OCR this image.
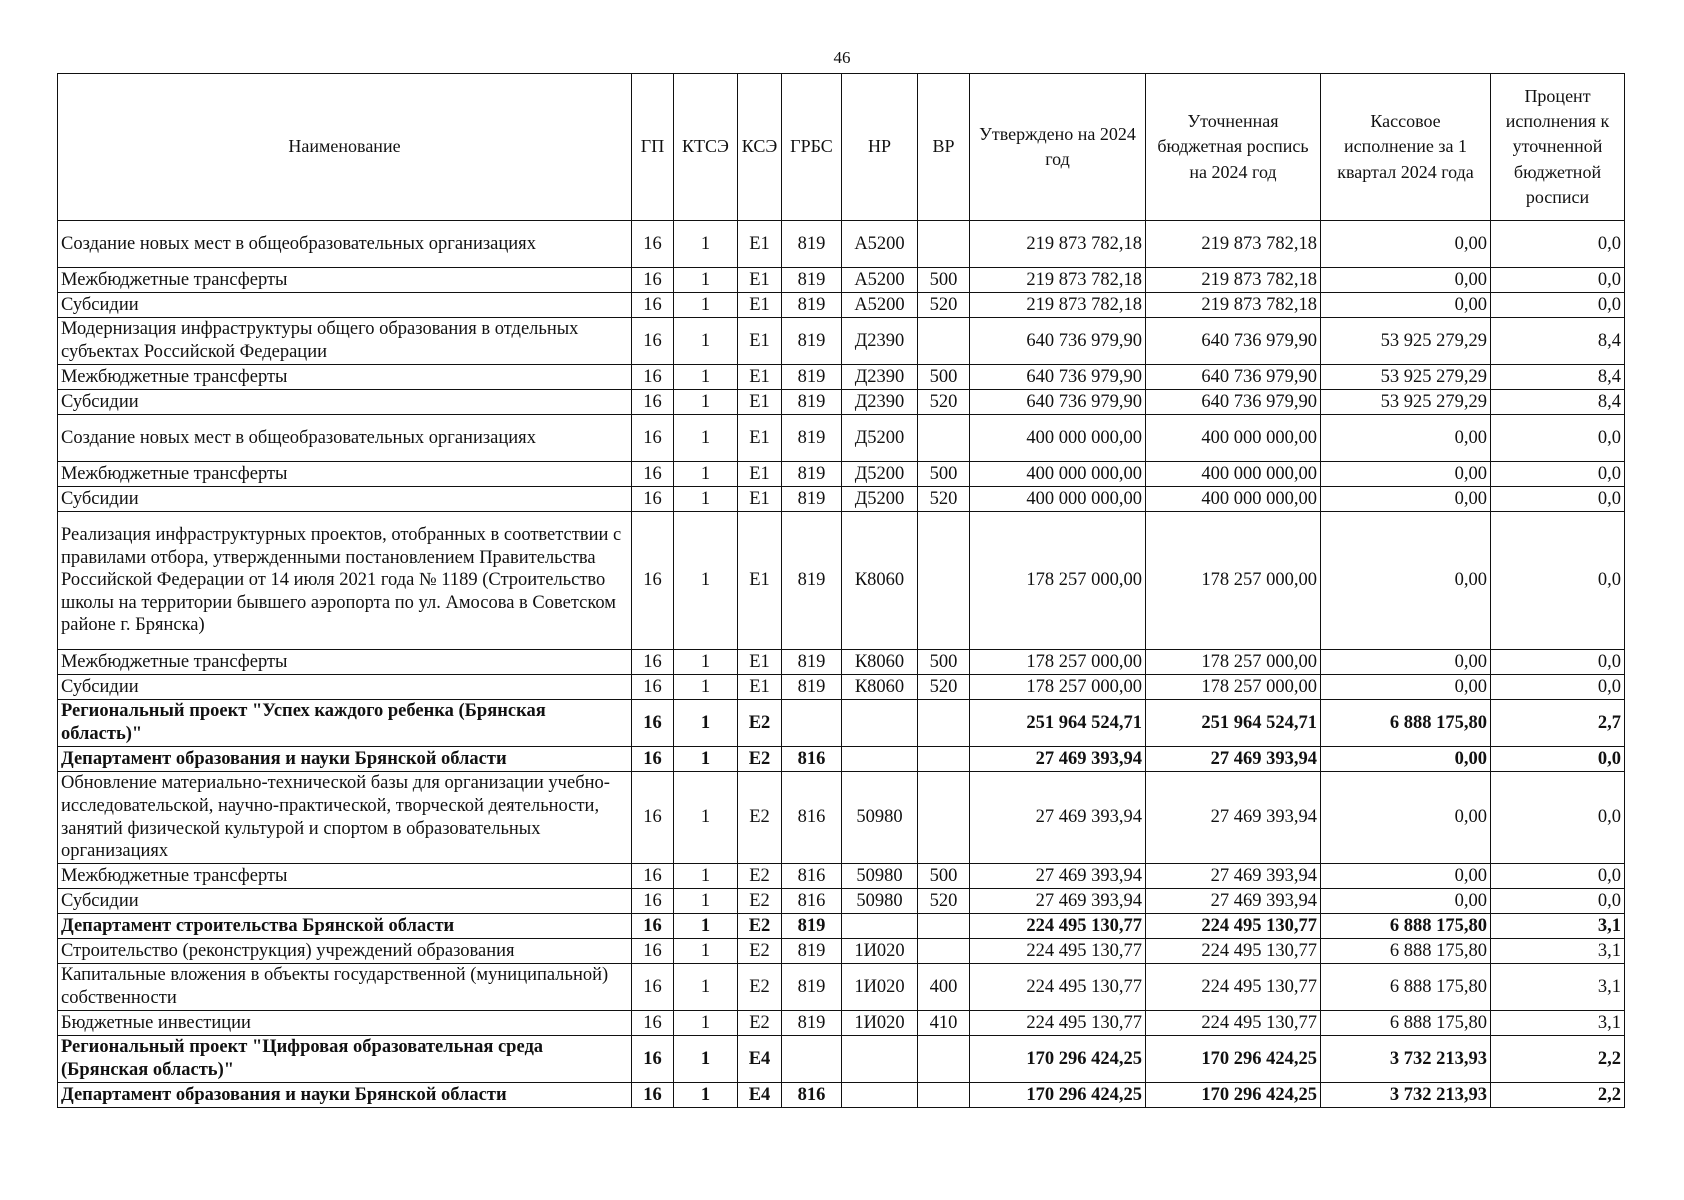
46
Наименование	ГП	КТСЭ	КСЭ	ГРБС	НР	ВР	Утверждено на 2024 год	Уточненная бюджетная роспись на 2024 год	Кассовое исполнение за 1 квартал 2024 года	Процент исполнения к уточненной бюджетной росписи
Создание новых мест в общеобразовательных организациях	16	1	E1	819	А5200		219 873 782,18	219 873 782,18	0,00	0,0
Межбюджетные трансферты	16	1	E1	819	А5200	500	219 873 782,18	219 873 782,18	0,00	0,0
Субсидии	16	1	E1	819	А5200	520	219 873 782,18	219 873 782,18	0,00	0,0
Модернизация инфраструктуры общего образования в отдельных субъектах Российской Федерации	16	1	E1	819	Д2390		640 736 979,90	640 736 979,90	53 925 279,29	8,4
Межбюджетные трансферты	16	1	E1	819	Д2390	500	640 736 979,90	640 736 979,90	53 925 279,29	8,4
Субсидии	16	1	E1	819	Д2390	520	640 736 979,90	640 736 979,90	53 925 279,29	8,4
Создание новых мест в общеобразовательных организациях	16	1	E1	819	Д5200		400 000 000,00	400 000 000,00	0,00	0,0
Межбюджетные трансферты	16	1	E1	819	Д5200	500	400 000 000,00	400 000 000,00	0,00	0,0
Субсидии	16	1	E1	819	Д5200	520	400 000 000,00	400 000 000,00	0,00	0,0
Реализация инфраструктурных проектов, отобранных в соответствии с правилами отбора, утвержденными постановлением Правительства Российской Федерации от 14 июля 2021 года № 1189 (Строительство школы на территории бывшего аэропорта по ул. Амосова в Советском районе г. Брянска)	16	1	E1	819	К8060		178 257 000,00	178 257 000,00	0,00	0,0
Межбюджетные трансферты	16	1	E1	819	К8060	500	178 257 000,00	178 257 000,00	0,00	0,0
Субсидии	16	1	E1	819	К8060	520	178 257 000,00	178 257 000,00	0,00	0,0
Региональный проект "Успех каждого ребенка (Брянская область)"	16	1	E2				251 964 524,71	251 964 524,71	6 888 175,80	2,7
Департамент образования и науки Брянской области	16	1	E2	816			27 469 393,94	27 469 393,94	0,00	0,0
Обновление материально-технической базы для организации учебно-исследовательской, научно-практической, творческой деятельности, занятий физической культурой и спортом в образовательных организациях	16	1	E2	816	50980		27 469 393,94	27 469 393,94	0,00	0,0
Межбюджетные трансферты	16	1	E2	816	50980	500	27 469 393,94	27 469 393,94	0,00	0,0
Субсидии	16	1	E2	816	50980	520	27 469 393,94	27 469 393,94	0,00	0,0
Департамент строительства Брянской области	16	1	E2	819			224 495 130,77	224 495 130,77	6 888 175,80	3,1
Строительство (реконструкция) учреждений образования	16	1	E2	819	1И020		224 495 130,77	224 495 130,77	6 888 175,80	3,1
Капитальные вложения в объекты государственной (муниципальной) собственности	16	1	E2	819	1И020	400	224 495 130,77	224 495 130,77	6 888 175,80	3,1
Бюджетные инвестиции	16	1	E2	819	1И020	410	224 495 130,77	224 495 130,77	6 888 175,80	3,1
Региональный проект "Цифровая образовательная среда (Брянская область)"	16	1	E4				170 296 424,25	170 296 424,25	3 732 213,93	2,2
Департамент образования и науки Брянской области	16	1	E4	816			170 296 424,25	170 296 424,25	3 732 213,93	2,2
